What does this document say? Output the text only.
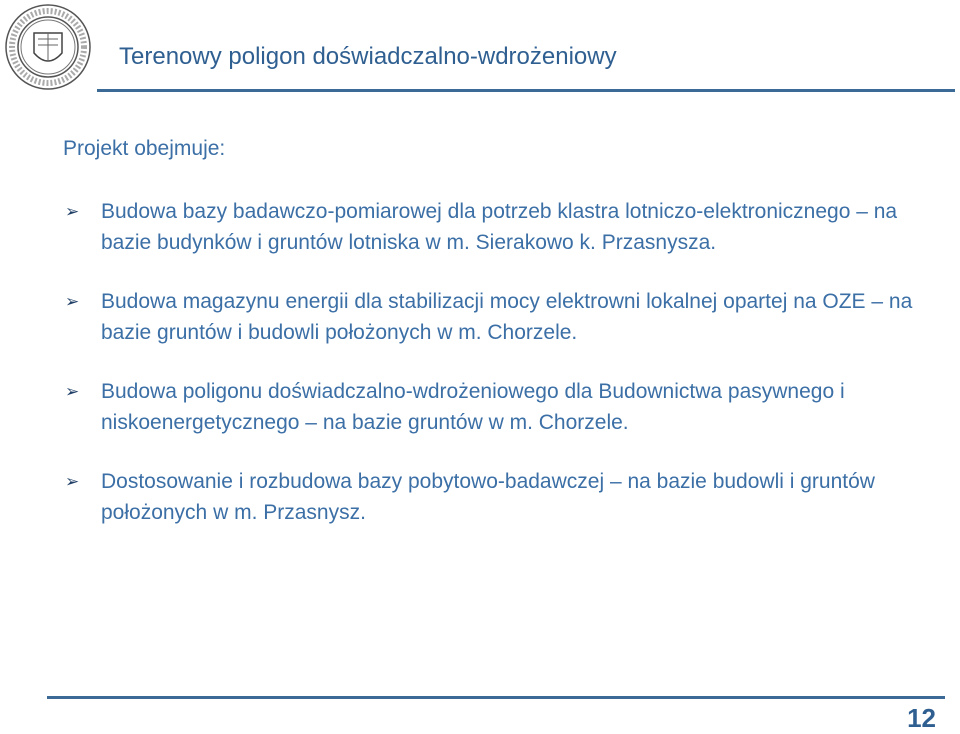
Terenowy poligon doświadczalno-wdrożeniowy
Projekt obejmuje:
➢ Budowa bazy badawczo-pomiarowej dla potrzeb klastra lotniczo-elektronicznego – na bazie budynków i gruntów lotniska w m. Sierakowo k. Przasnysza.
➢ Budowa magazynu energii dla stabilizacji mocy elektrowni lokalnej opartej na OZE – na bazie gruntów i budowli położonych w m. Chorzele.
➢ Budowa poligonu doświadczalno-wdrożeniowego dla Budownictwa pasywnego i niskoenergetycznego – na bazie gruntów w m. Chorzele.
➢ Dostosowanie i rozbudowa bazy pobytowo-badawczej – na bazie budowli i gruntów położonych w m. Przasnysz.
12
